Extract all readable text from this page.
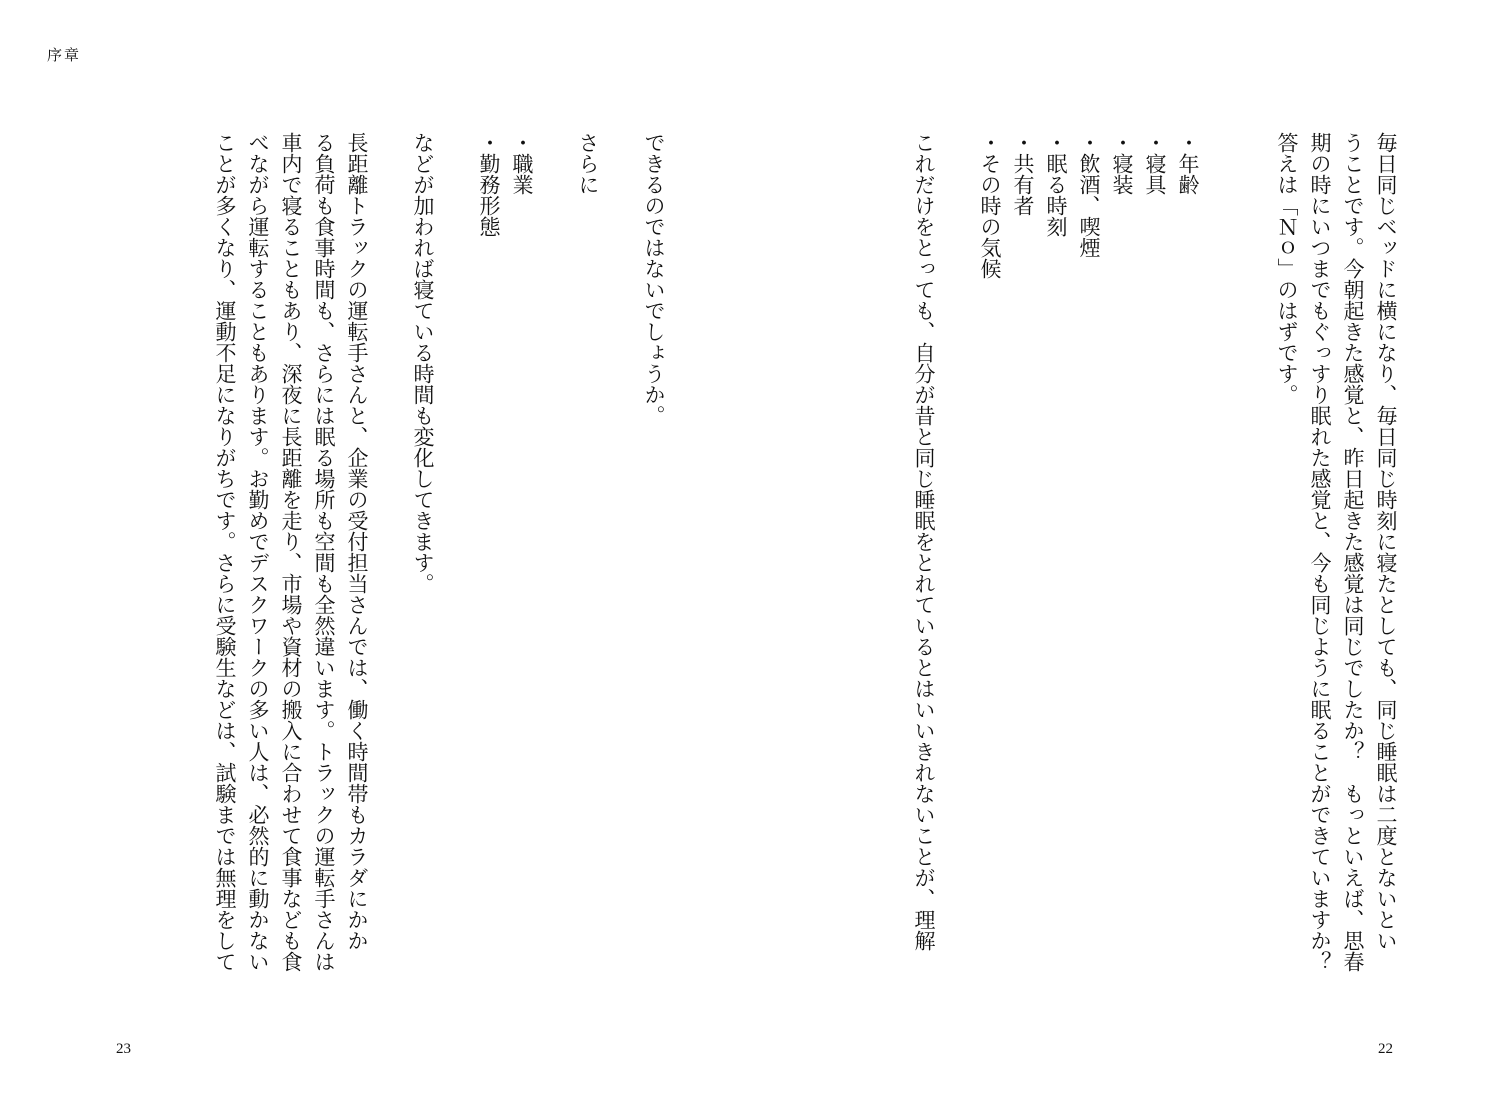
序章
毎日同じベッドに横になり、毎日同じ時刻に寝たとしても、同じ睡眠は二度とないとい
うことです。今朝起きた感覚と、昨日起きた感覚は同じでしたか？　もっといえば、思春
期の時にいつまでもぐっすり眠れた感覚と、今も同じように眠ることができていますか？
答えは「Ｎｏ」のはずです。
・年齢
・寝具
・寝装
・飲酒、喫煙
・眠る時刻
・共有者
・その時の気候
これだけをとっても、自分が昔と同じ睡眠をとれているとはいいきれないことが、理解
できるのではないでしょうか。
さらに
・職業
・勤務形態
などが加われば寝ている時間も変化してきます。
長距離トラックの運転手さんと、企業の受付担当さんでは、働く時間帯もカラダにかか
る負荷も食事時間も、さらには眠る場所も空間も全然違います。トラックの運転手さんは
車内で寝ることもあり、深夜に長距離を走り、市場や資材の搬入に合わせて食事なども食
べながら運転することもあります。お勤めでデスクワークの多い人は、必然的に動かない
ことが多くなり、運動不足になりがちです。さらに受験生などは、試験までは無理をして
23	22
